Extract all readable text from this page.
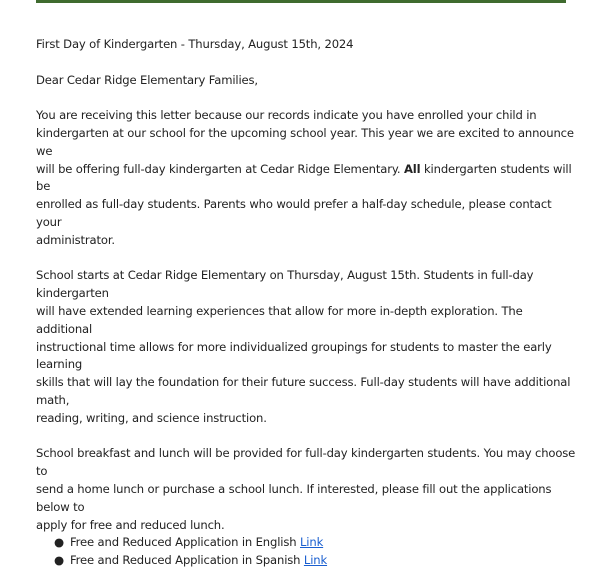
First Day of Kindergarten - Thursday, August 15th, 2024

Dear Cedar Ridge Elementary Families,

You are receiving this letter because our records indicate you have enrolled your child in
kindergarten at our school for the upcoming school year. This year we are excited to announce we
will be offering full-day kindergarten at Cedar Ridge Elementary. All kindergarten students will be
enrolled as full-day students. Parents who would prefer a half-day schedule, please contact your
administrator.

School starts at Cedar Ridge Elementary on Thursday, August 15th. Students in full-day kindergarten
will have extended learning experiences that allow for more in-depth exploration. The additional
instructional time allows for more individualized groupings for students to master the early learning
skills that will lay the foundation for their future success. Full-day students will have additional math,
reading, writing, and science instruction.

School breakfast and lunch will be provided for full-day kindergarten students. You may choose to
send a home lunch or purchase a school lunch. If interested, please fill out the applications below to
apply for free and reduced lunch.

● Free and Reduced Application in English Link
● Free and Reduced Application in Spanish Link
